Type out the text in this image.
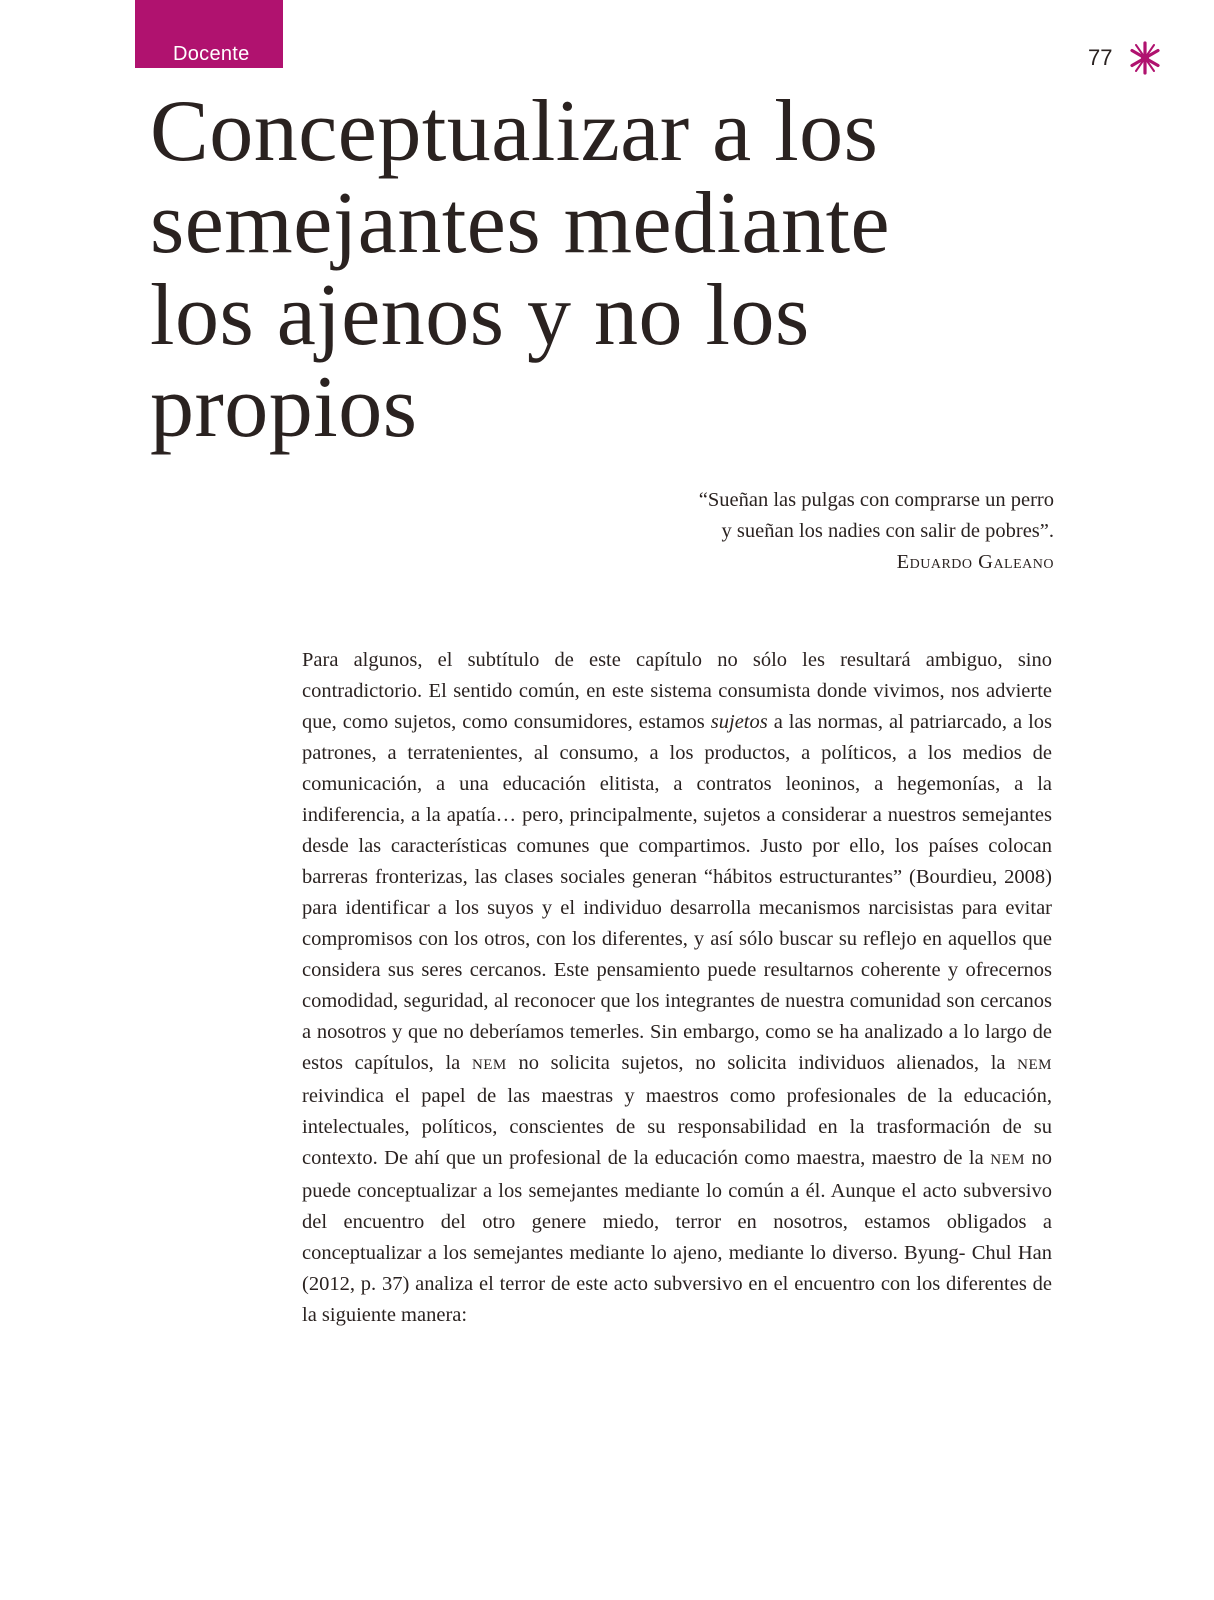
Docente	77
Conceptualizar a los
semejantes mediante
los ajenos y no los
propios

“Sueñan las pulgas con comprarse un perro

y sueñan los nadies con salir de pobres”.

Eduardo Galeano

Para algunos, el subtítulo de este capítulo no sólo les resultará ambiguo, sino contradictorio. El sentido común, en este sistema consumista donde vivimos, nos advierte que, como sujetos, como consumidores, estamos sujetos a las normas, al patriarcado, a los patrones, a terratenientes, al consumo, a los productos, a políticos, a los medios de comunicación, a una educación elitista, a contratos leoninos, a hegemonías, a la indiferencia, a la apatía… pero, principalmente, sujetos a considerar a nuestros semejantes desde las características comunes que compartimos. Justo por ello, los países colocan barreras fronterizas, las clases sociales generan “hábitos estructurantes” (Bourdieu, 2008) para identificar a los suyos y el individuo desarrolla mecanismos narcisistas para evitar compromisos con los otros, con los diferentes, y así sólo buscar su reflejo en aquellos que considera sus seres cercanos. Este pensamiento puede resultarnos coherente y ofrecernos comodidad, seguridad, al reconocer que los integrantes de nuestra comunidad son cercanos a nosotros y que no deberíamos temerles. Sin embargo, como se ha analizado a lo largo de estos capítulos, la NEM no solicita sujetos, no solicita individuos alienados, la NEM reivindica el papel de las maestras y maestros como profesionales de la educación, intelectuales, políticos, conscientes de su responsabilidad en la trasformación de su contexto. De ahí que un profesional de la educación como maestra, maestro de la NEM no puede conceptualizar a los semejantes mediante lo común a él. Aunque el acto subversivo del encuentro del otro genere miedo, terror en nosotros, estamos obligados a conceptualizar a los semejantes mediante lo ajeno, mediante lo diverso. Byung- Chul Han (2012, p. 37) analiza el terror de este acto subversivo en el encuentro con los diferentes de la siguiente manera:
